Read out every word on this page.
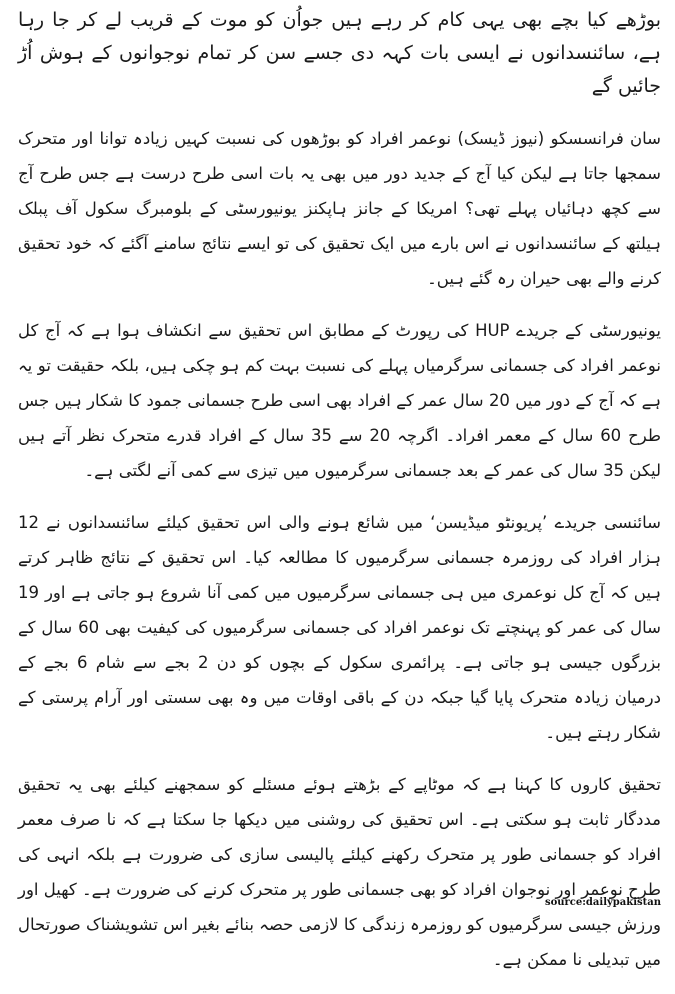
بوڑھے کیا بچے بھی یہی کام کر رہے ہیں جواُن کو موت کے قریب لے کر جا رہا ہے، سائنسدانوں نے ایسی بات کہہ دی جسے سن کر تمام نوجوانوں کے ہوش اُڑ جائیں گے

سان فرانسسکو (نیوز ڈیسک) نوعمر افراد کو بوڑھوں کی نسبت کہیں زیادہ توانا اور متحرک سمجھا جاتا ہے لیکن کیا آج کے جدید دور میں بھی یہ بات اسی طرح درست ہے جس طرح آج سے کچھ دہائیاں پہلے تھی؟ امریکا کے جانز ہاپکنز یونیورسٹی کے بلومبرگ سکول آف پبلک ہیلتھ کے سائنسدانوں نے اس بارے میں ایک تحقیق کی تو ایسے نتائج سامنے آگئے کہ خود تحقیق کرنے والے بھی حیران رہ گئے ہیں۔

یونیورسٹی کے جریدے HUP کی رپورٹ کے مطابق اس تحقیق سے انکشاف ہوا ہے کہ آج کل نوعمر افراد کی جسمانی سرگرمیاں پہلے کی نسبت بہت کم ہو چکی ہیں، بلکہ حقیقت تو یہ ہے کہ آج کے دور میں 20 سال عمر کے افراد بھی اسی طرح جسمانی جمود کا شکار ہیں جس طرح 60 سال کے معمر افراد۔ اگرچہ 20 سے 35 سال کے افراد قدرے متحرک نظر آتے ہیں لیکن 35 سال کی عمر کے بعد جسمانی سرگرمیوں میں تیزی سے کمی آنے لگتی ہے۔

سائنسی جریدے ’پریونٹو میڈیسن‘ میں شائع ہونے والی اس تحقیق کیلئے سائنسدانوں نے 12 ہزار افراد کی روزمرہ جسمانی سرگرمیوں کا مطالعہ کیا۔ اس تحقیق کے نتائج ظاہر کرتے ہیں کہ آج کل نوعمری میں ہی جسمانی سرگرمیوں میں کمی آنا شروع ہو جاتی ہے اور 19 سال کی عمر کو پہنچتے تک نوعمر افراد کی جسمانی سرگرمیوں کی کیفیت بھی 60 سال کے بزرگوں جیسی ہو جاتی ہے۔ پرائمری سکول کے بچوں کو دن 2 بجے سے شام 6 بجے کے درمیان زیادہ متحرک پایا گیا جبکہ دن کے باقی اوقات میں وہ بھی سستی اور آرام پرستی کے شکار رہتے ہیں۔

تحقیق کاروں کا کہنا ہے کہ موٹاپے کے بڑھتے ہوئے مسئلے کو سمجھنے کیلئے بھی یہ تحقیق مددگار ثابت ہو سکتی ہے۔ اس تحقیق کی روشنی میں دیکھا جا سکتا ہے کہ نا صرف معمر افراد کو جسمانی طور پر متحرک رکھنے کیلئے پالیسی سازی کی ضرورت ہے بلکہ انہی کی طرح نوعمر اور نوجوان افراد کو بھی جسمانی طور پر متحرک کرنے کی ضرورت ہے۔ کھیل اور ورزش جیسی سرگرمیوں کو روزمرہ زندگی کا لازمی حصہ بنائے بغیر اس تشویشناک صورتحال میں تبدیلی نا ممکن ہے۔

source:dailypakistan
